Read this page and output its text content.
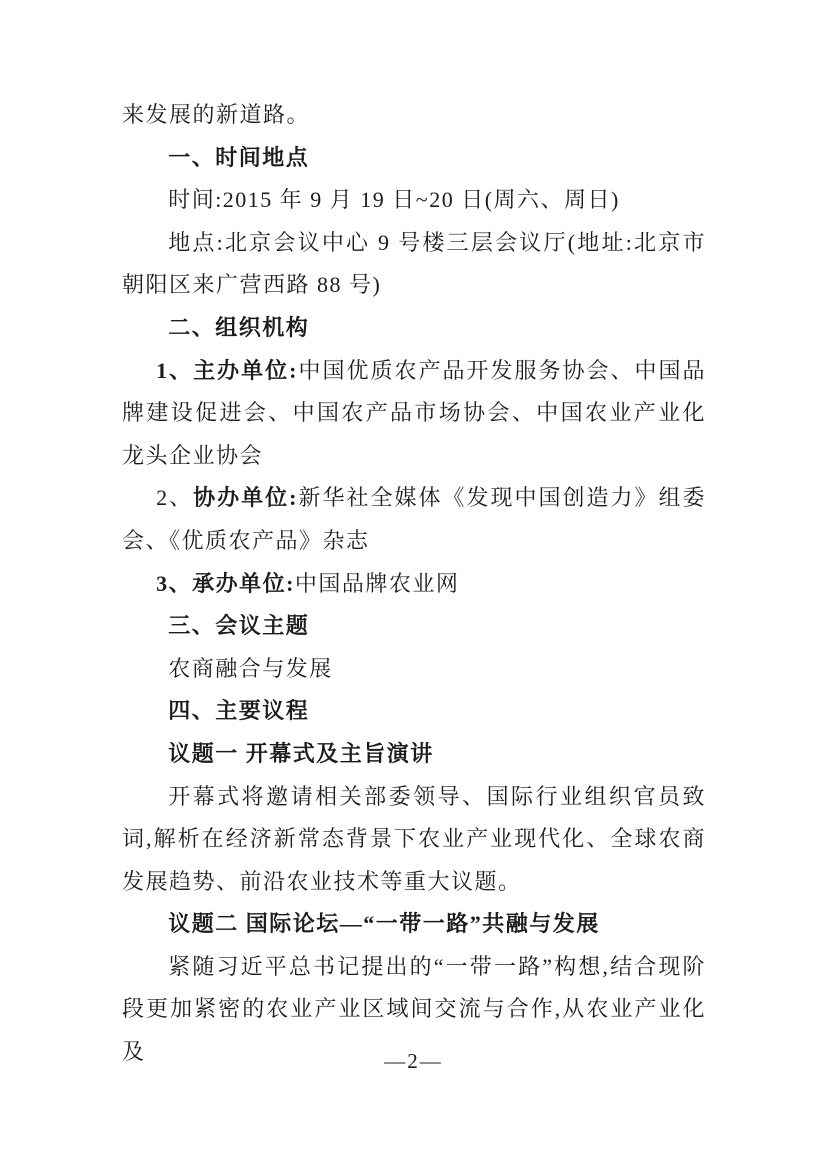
来发展的新道路。

一、时间地点

时间:2015 年 9 月 19 日~20 日(周六、周日)

地点:北京会议中心 9 号楼三层会议厅(地址:北京市朝阳区来广营西路 88 号)

二、组织机构

1、主办单位:中国优质农产品开发服务协会、中国品牌建设促进会、中国农产品市场协会、中国农业产业化龙头企业协会

2、协办单位:新华社全媒体《发现中国创造力》组委会、《优质农产品》杂志

3、承办单位:中国品牌农业网

三、会议主题

农商融合与发展

四、主要议程

议题一 开幕式及主旨演讲

开幕式将邀请相关部委领导、国际行业组织官员致词,解析在经济新常态背景下农业产业现代化、全球农商发展趋势、前沿农业技术等重大议题。

议题二 国际论坛—“一带一路”共融与发展

紧随习近平总书记提出的“一带一路”构想,结合现阶段更加紧密的农业产业区域间交流与合作,从农业产业化及	—2—
